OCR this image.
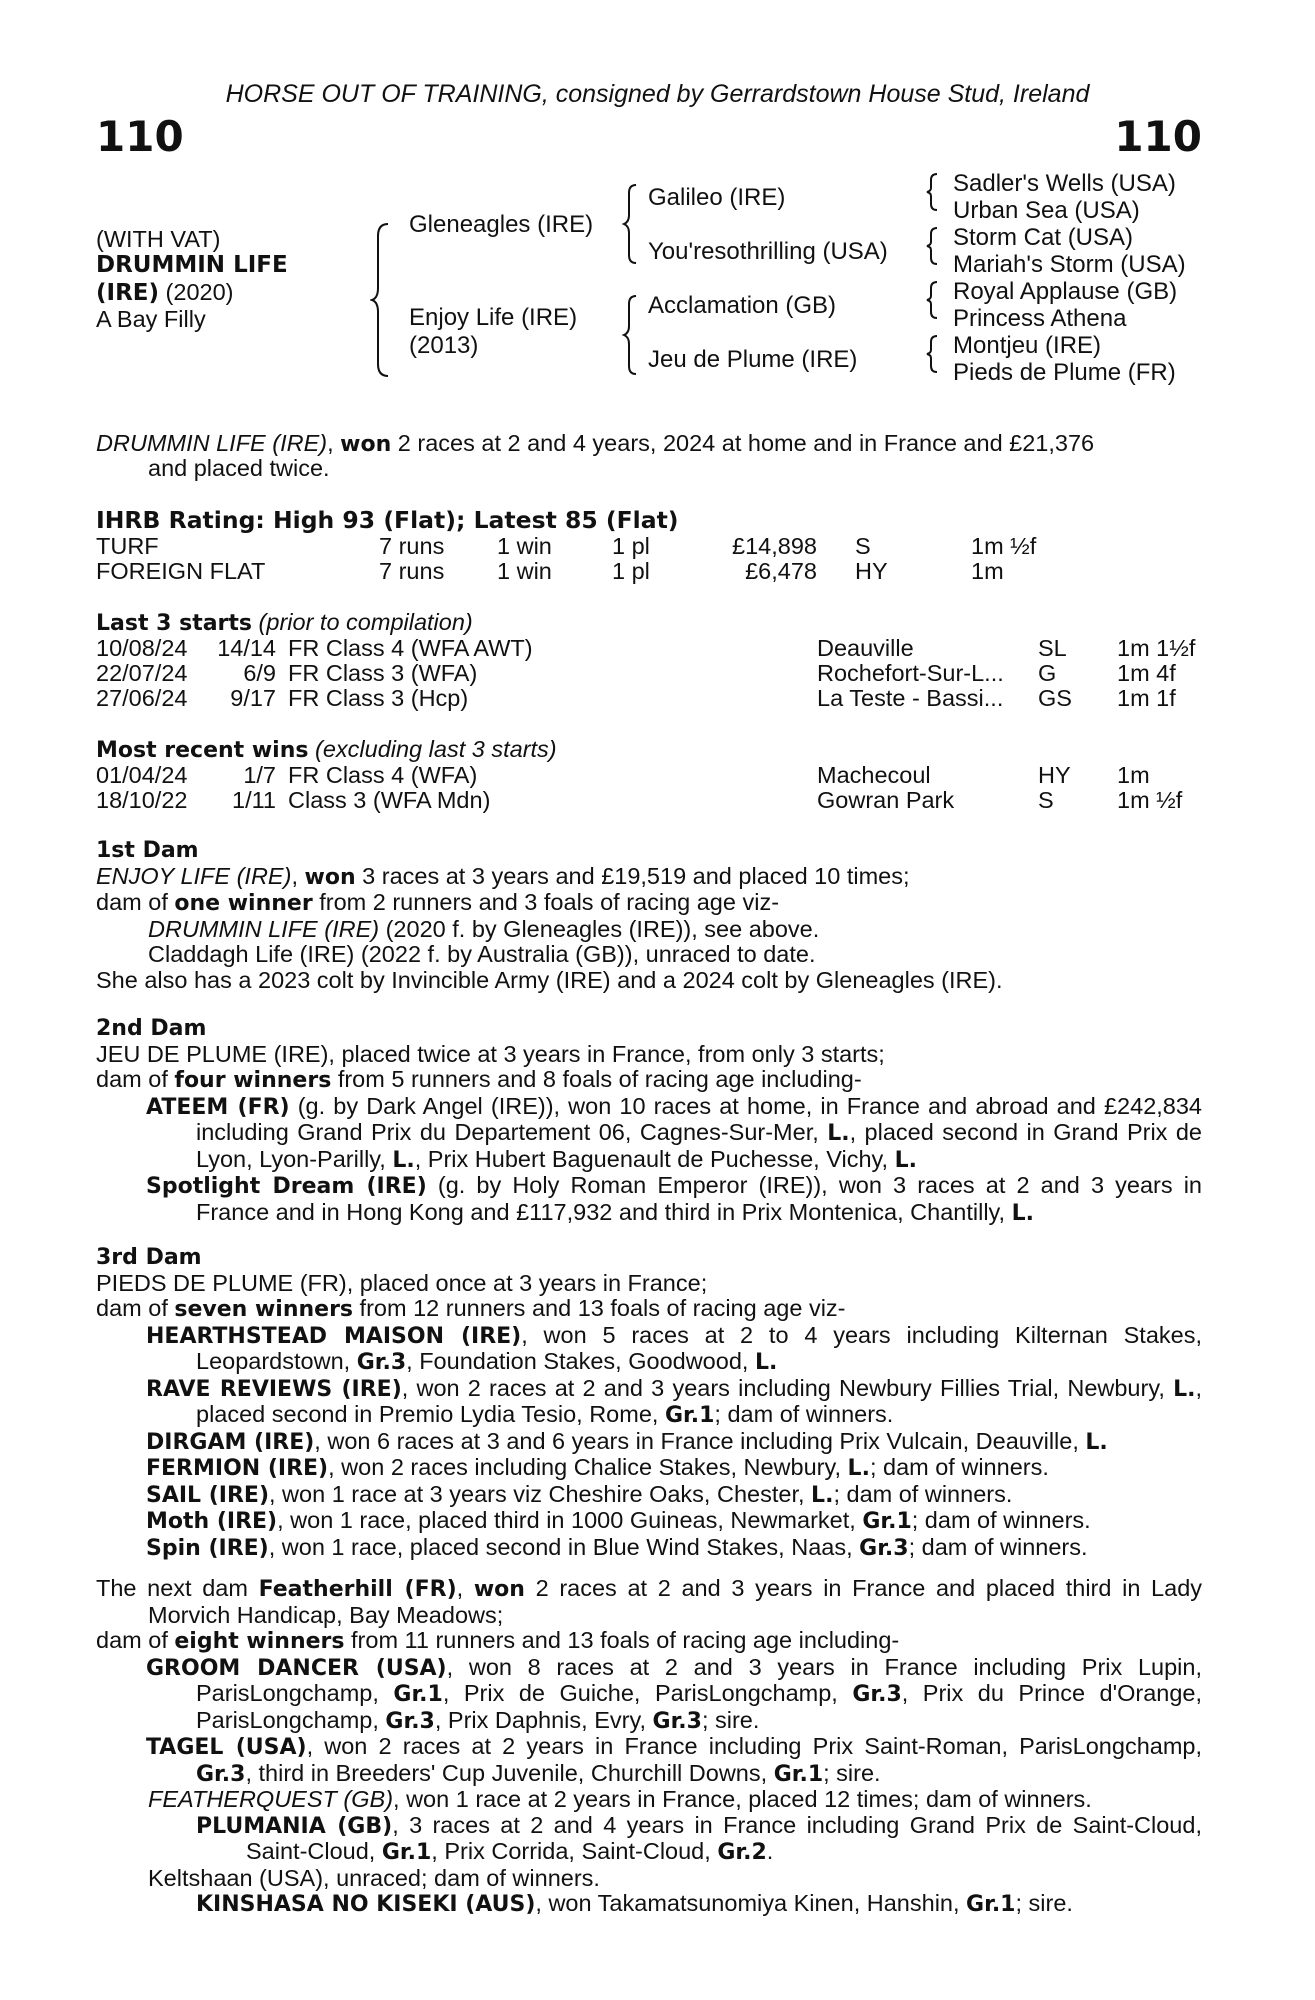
HORSE OUT OF TRAINING, consigned by Gerrardstown House Stud, Ireland
110	110
(WITH VAT)
DRUMMIN LIFE
(IRE) (2020)
A Bay Filly
Gleneagles (IRE)
Enjoy Life (IRE)
(2013)
Galileo (IRE)
You'resothrilling (USA)
Acclamation (GB)
Jeu de Plume (IRE)
Sadler's Wells (USA)
Urban Sea (USA)
Storm Cat (USA)
Mariah's Storm (USA)
Royal Applause (GB)
Princess Athena
Montjeu (IRE)
Pieds de Plume (FR)
DRUMMIN LIFE (IRE), won 2 races at 2 and 4 years, 2024 at home and in France and £21,376
and placed twice.
IHRB Rating: High 93 (Flat); Latest 85 (Flat)
TURF	7 runs 1 win	1 pl	£14,898 S	1m ½f
FOREIGN FLAT	7 runs 1 win	1 pl	£6,478 HY	1m
Last 3 starts (prior to compilation)
10/08/24 14/14 FR Class 4 (WFA AWT)	Deauville	SL 1m 1½f
22/07/24 6/9 FR Class 3 (WFA)	Rochefort-Sur-L... G	1m 4f
27/06/24 9/17 FR Class 3 (Hcp)	La Teste - Bassi... GS 1m 1f
Most recent wins (excluding last 3 starts)
01/04/24 1/7 FR Class 4 (WFA)	Machecoul	HY 1m
18/10/22 1/11 Class 3 (WFA Mdn)	Gowran Park	S	1m ½f

1st Dam

ENJOY LIFE (IRE), won 3 races at 3 years and £19,519 and placed 10 times;

dam of one winner from 2 runners and 3 foals of racing age viz-

DRUMMIN LIFE (IRE) (2020 f. by Gleneagles (IRE)), see above.

Claddagh Life (IRE) (2022 f. by Australia (GB)), unraced to date.

She also has a 2023 colt by Invincible Army (IRE) and a 2024 colt by Gleneagles (IRE).

2nd Dam

JEU DE PLUME (IRE), placed twice at 3 years in France, from only 3 starts;

dam of four winners from 5 runners and 8 foals of racing age including-

ATEEM (FR) (g. by Dark Angel (IRE)), won 10 races at home, in France and abroad and £242,834 including Grand Prix du Departement 06, Cagnes-Sur-Mer, L., placed second in Grand Prix de Lyon, Lyon-Parilly, L., Prix Hubert Baguenault de Puchesse, Vichy, L.

Spotlight Dream (IRE) (g. by Holy Roman Emperor (IRE)), won 3 races at 2 and 3 years in France and in Hong Kong and £117,932 and third in Prix Montenica, Chantilly, L.

3rd Dam

PIEDS DE PLUME (FR), placed once at 3 years in France;

dam of seven winners from 12 runners and 13 foals of racing age viz-

HEARTHSTEAD MAISON (IRE), won 5 races at 2 to 4 years including Kilternan Stakes, Leopardstown, Gr.3, Foundation Stakes, Goodwood, L.

RAVE REVIEWS (IRE), won 2 races at 2 and 3 years including Newbury Fillies Trial, Newbury, L., placed second in Premio Lydia Tesio, Rome, Gr.1; dam of winners.

DIRGAM (IRE), won 6 races at 3 and 6 years in France including Prix Vulcain, Deauville, L.

FERMION (IRE), won 2 races including Chalice Stakes, Newbury, L.; dam of winners.

SAIL (IRE), won 1 race at 3 years viz Cheshire Oaks, Chester, L.; dam of winners.

Moth (IRE), won 1 race, placed third in 1000 Guineas, Newmarket, Gr.1; dam of winners.

Spin (IRE), won 1 race, placed second in Blue Wind Stakes, Naas, Gr.3; dam of winners.

The next dam Featherhill (FR), won 2 races at 2 and 3 years in France and placed third in Lady Morvich Handicap, Bay Meadows;

dam of eight winners from 11 runners and 13 foals of racing age including-

GROOM DANCER (USA), won 8 races at 2 and 3 years in France including Prix Lupin, ParisLongchamp, Gr.1, Prix de Guiche, ParisLongchamp, Gr.3, Prix du Prince d'Orange, ParisLongchamp, Gr.3, Prix Daphnis, Evry, Gr.3; sire.

TAGEL (USA), won 2 races at 2 years in France including Prix Saint-Roman, ParisLongchamp, Gr.3, third in Breeders' Cup Juvenile, Churchill Downs, Gr.1; sire.

FEATHERQUEST (GB), won 1 race at 2 years in France, placed 12 times; dam of winners.

PLUMANIA (GB), 3 races at 2 and 4 years in France including Grand Prix de Saint-Cloud, Saint-Cloud, Gr.1, Prix Corrida, Saint-Cloud, Gr.2.

Keltshaan (USA), unraced; dam of winners.

KINSHASA NO KISEKI (AUS), won Takamatsunomiya Kinen, Hanshin, Gr.1; sire.
